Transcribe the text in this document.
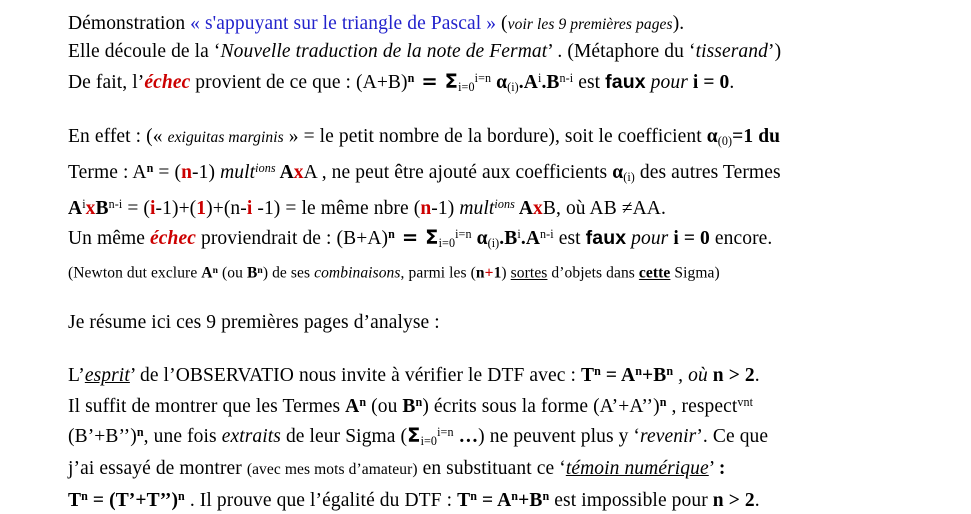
Démonstration « s'appuyant sur le triangle de Pascal » (voir les 9 premières pages).
Elle découle de la ‘Nouvelle traduction de la note de Fermat’ . (Métaphore du ‘tisserand’)
De fait, l’échec provient de ce que : $(A+B)^n = \Sigma_{i=0}^{i=n}$ $\alpha_{(i)}.A^i.B^{n-i}$ est faux pour i = 0.
En effet : (« exiguitas marginis » = le petit nombre de la bordure), soit le coefficient $\alpha_{(0)}=1$ du
Terme : $A^n = (n-1)$ mult$^{ions}$ AxA , ne peut être ajouté aux coefficients $\alpha_{(i)}$ des autres Termes
$A^ixB^{n-i} = (i-1)+(1)+(n-i$ -1) = le même nbre (n-1) mult$^{ions}$ AxB, où AB ≠AA.
Un même échec proviendrait de : $(B+A)^n = \Sigma_{i=0}^{i=n}$ $\alpha_{(i)}.B^i.A^{n-i}$ est faux pour i = 0 encore.
(Newton dut exclure $A^n$ (ou $B^n$) de ses combinaisons, parmi les (n+1) sortes d’objets dans cette Sigma)
Je résume ici ces 9 premières pages d’analyse :
L’esprit’ de l’OBSERVATIO nous invite à vérifier le DTF avec : $T^n = A^n+B^n$ , où n > 2.
Il suffit de montrer que les Termes $A^n$ (ou $B^n$) écrits sous la forme (A’+A’’)$^n$ , respect$^{vnt}$
(B’+B’’)$^n$, une fois extraits de leur Sigma ($\Sigma_{i=0}^{i=n}$ …) ne peuvent plus y ‘revenir’. Ce que
j’ai essayé de montrer (avec mes mots d’amateur) en substituant ce ‘témoin numérique’ :
$T^n$ = (T’+T’’)$^n$ . Il prouve que l’égalité du DTF : $T^n = A^n+B^n$ est impossible pour n > 2.
